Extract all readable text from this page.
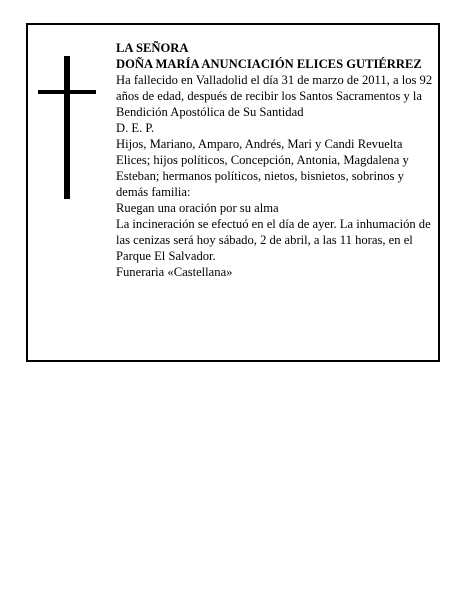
LA SEÑORA

DOÑA MARÍA ANUNCIACIÓN ELICES GUTIÉRREZ

Ha fallecido en Valladolid el día 31 de marzo de 2011, a los 92 años de edad, después de recibir los Santos Sacramentos y la Bendición Apostólica de Su Santidad

D. E. P.

Hijos, Mariano, Amparo, Andrés, Mari y Candi Revuelta Elices; hijos políticos, Concepción, Antonia, Magdalena y Esteban; hermanos políticos, nietos, bisnietos, sobrinos y demás familia:

Ruegan una oración por su alma

La incineración se efectuó en el día de ayer. La inhumación de las cenizas será hoy sábado, 2 de abril, a las 11 horas, en el Parque El Salvador.

Funeraria «Castellana»
